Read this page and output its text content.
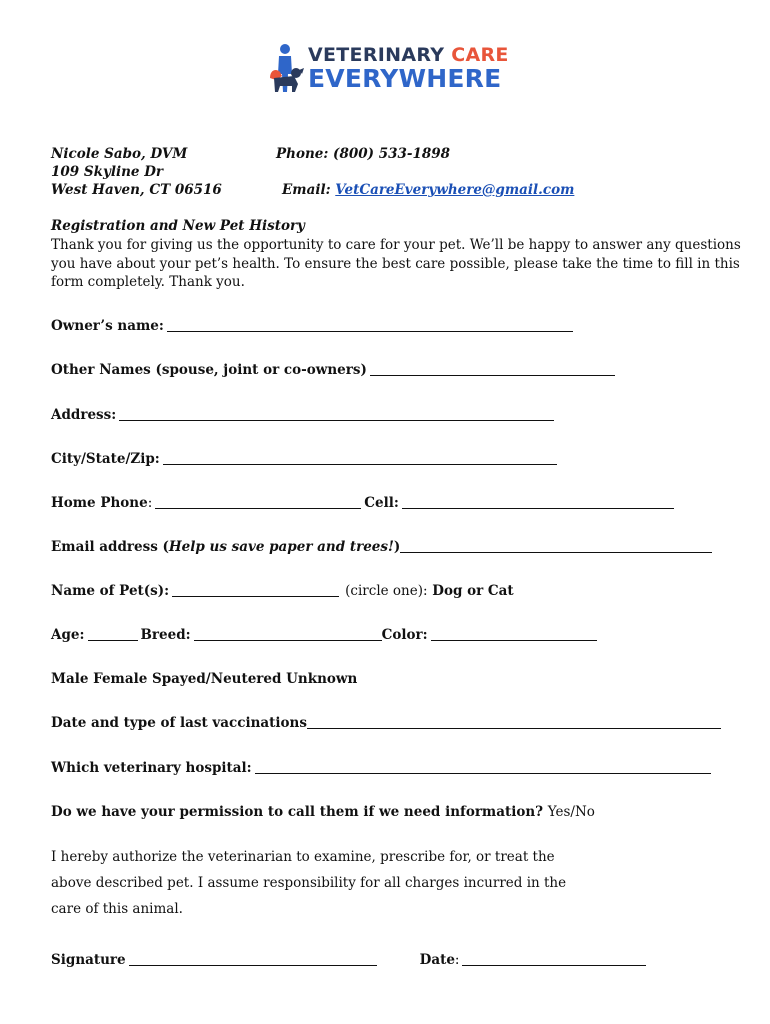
VETERINARY CARE
EVERYWHERE
Nicole Sabo, DVM
109 Skyline Dr
West Haven, CT 06516
Phone: (800) 533-1898
Email: VetCareEverywhere@gmail.com
Registration and New Pet History
Thank you for giving us the opportunity to care for your pet. We’ll be happy to answer any questions you have about your pet’s health. To ensure the best care possible, please take the time to fill in this form completely. Thank you.
Owner’s name:
Other Names (spouse, joint or co-owners)
Address:
City/State/Zip:
Home Phone :	Cell:
Email address ( Help us save paper and trees! )
Name of Pet(s):	(circle one):
Dog or Cat
Age:	Breed:	Color:
Male Female Spayed/Neutered Unknown
Date and type of last vaccinations
Which veterinary hospital:
Do we have your permission to call them if we need information?
Yes/No
I hereby authorize the veterinarian to examine, prescribe for, or treat the above described pet. I assume responsibility for all charges incurred in the care of this animal.
Signature	Date :
